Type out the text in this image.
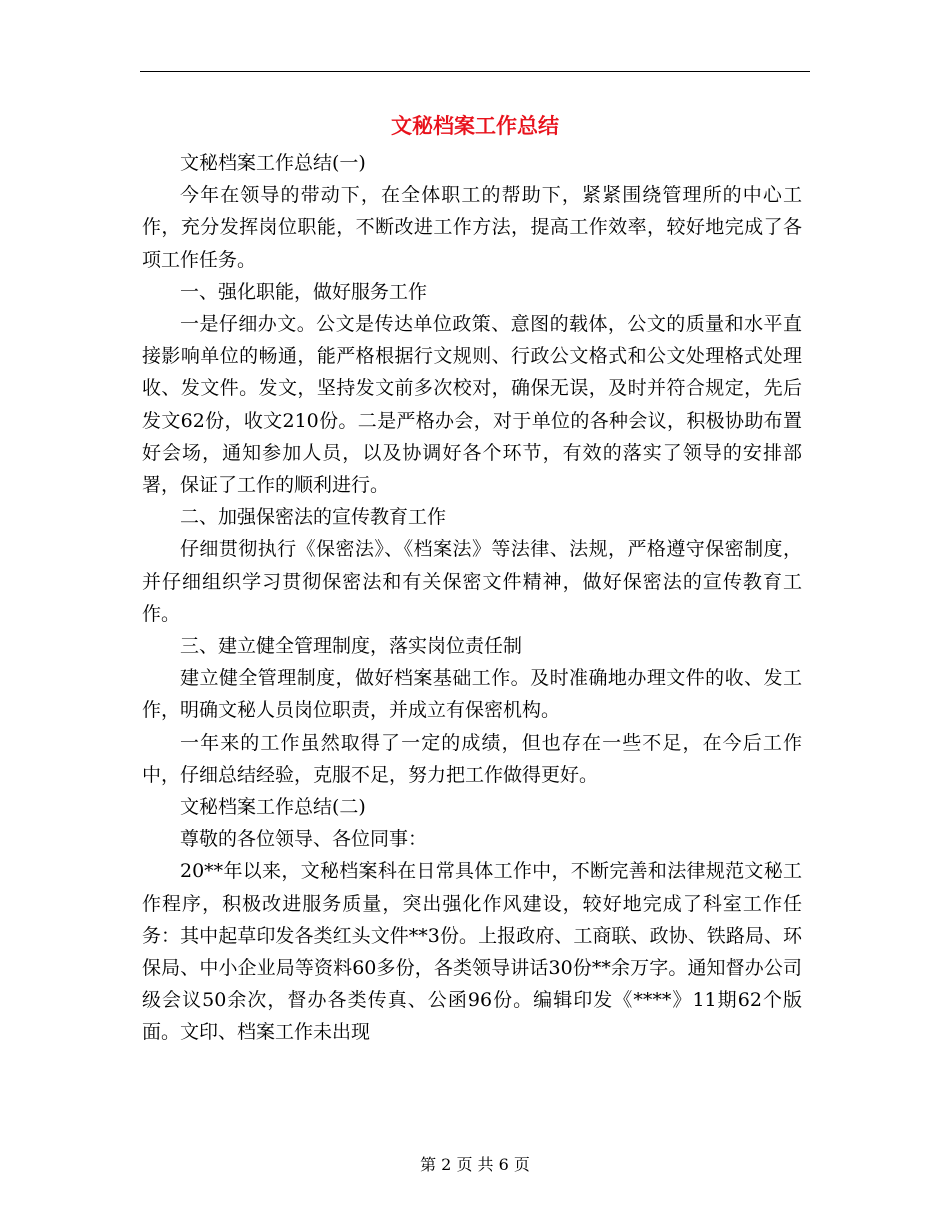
文秘档案工作总结

文秘档案工作总结(一)

今年在领导的带动下，在全体职工的帮助下，紧紧围绕管理所的中心工作，充分发挥岗位职能，不断改进工作方法，提高工作效率，较好地完成了各项工作任务。

一、强化职能，做好服务工作

一是仔细办文。公文是传达单位政策、意图的载体，公文的质量和水平直接影响单位的畅通，能严格根据行文规则、行政公文格式和公文处理格式处理收、发文件。发文，坚持发文前多次校对，确保无误，及时并符合规定，先后发文62份，收文210份。二是严格办会，对于单位的各种会议，积极协助布置好会场，通知参加人员，以及协调好各个环节，有效的落实了领导的安排部署，保证了工作的顺利进行。

二、加强保密法的宣传教育工作

仔细贯彻执行《保密法》、《档案法》等法律、法规，严格遵守保密制度，并仔细组织学习贯彻保密法和有关保密文件精神，做好保密法的宣传教育工作。

三、建立健全管理制度，落实岗位责任制

建立健全管理制度，做好档案基础工作。及时准确地办理文件的收、发工作，明确文秘人员岗位职责，并成立有保密机构。

一年来的工作虽然取得了一定的成绩，但也存在一些不足，在今后工作中，仔细总结经验，克服不足，努力把工作做得更好。

文秘档案工作总结(二)

尊敬的各位领导、各位同事：

20**年以来，文秘档案科在日常具体工作中，不断完善和法律规范文秘工作程序，积极改进服务质量，突出强化作风建设，较好地完成了科室工作任务：其中起草印发各类红头文件**3份。上报政府、工商联、政协、铁路局、环保局、中小企业局等资料60多份，各类领导讲话30份**余万字。通知督办公司级会议50余次，督办各类传真、公函96份。编辑印发《****》11期62个版面。文印、档案工作未出现

第 2 页 共 6 页
